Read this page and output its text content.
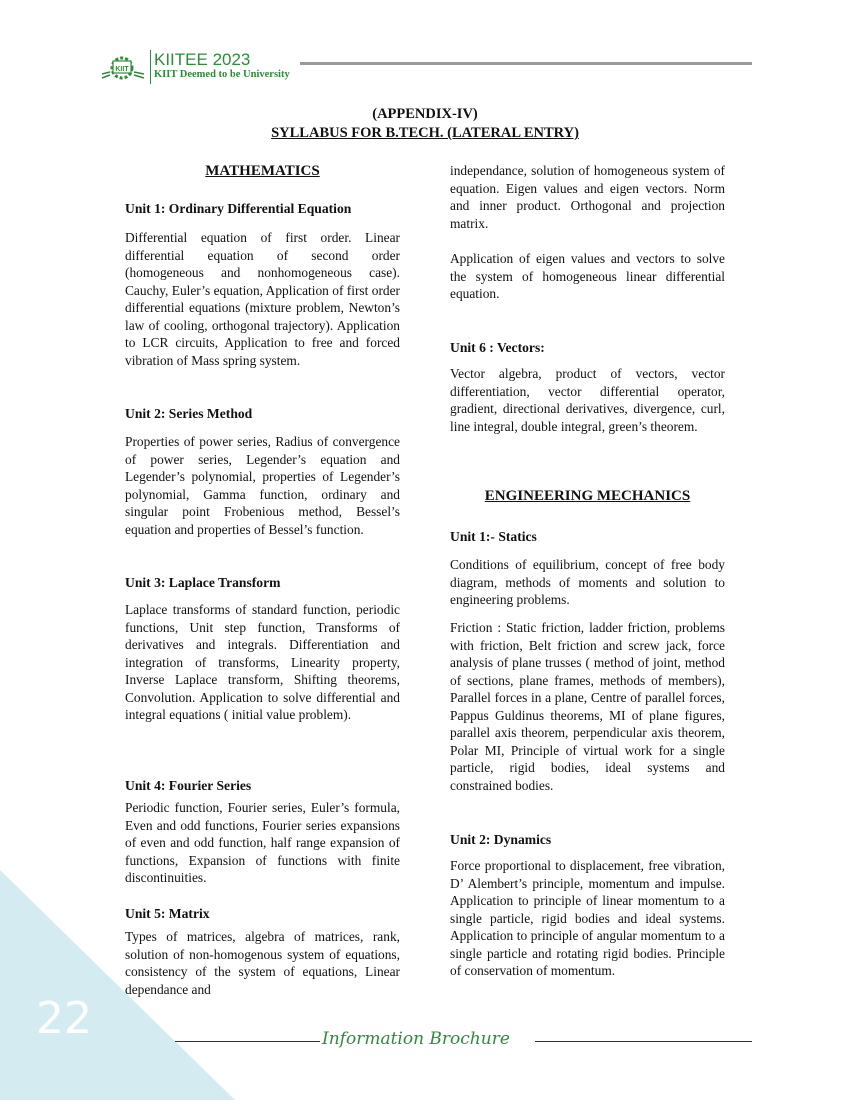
KIIT
KIITEE 2023
KIIT Deemed to be University
(APPENDIX-IV)
SYLLABUS FOR B.TECH. (LATERAL ENTRY)
MATHEMATICS
Unit 1: Ordinary Differential Equation

Differential equation of first order. Linear differential equation of second order (homogeneous and nonhomogeneous case). Cauchy, Euler’s equation, Application of first order differential equations (mixture problem, Newton’s law of cooling, orthogonal trajectory). Application to LCR circuits, Application to free and forced vibration of Mass spring system.

Unit 2: Series Method

Properties of power series, Radius of convergence of power series, Legender’s equation and Legender’s polynomial, properties of Legender’s polynomial, Gamma function, ordinary and singular point Frobenious method, Bessel’s equation and properties of Bessel’s function.

Unit 3: Laplace Transform

Laplace transforms of standard function, periodic functions, Unit step function, Transforms of derivatives and integrals. Differentiation and integration of transforms, Linearity property, Inverse Laplace transform, Shifting theorems, Convolution. Application to solve differential and integral equations ( initial value problem).

Unit 4: Fourier Series

Periodic function, Fourier series, Euler’s formula, Even and odd functions, Fourier series expansions of even and odd function, half range expansion of functions, Expansion of functions with finite discontinuities.

Unit 5: Matrix

Types of matrices, algebra of matrices, rank, solution of non-homogenous system of equations, consistency of the system of equations, Linear dependance and

independance, solution of homogeneous system of equation. Eigen values and eigen vectors. Norm and inner product. Orthogonal and projection matrix.

Application of eigen values and vectors to solve the system of homogeneous linear differential equation.

Unit 6 : Vectors:

Vector algebra, product of vectors, vector differentiation, vector differential operator, gradient, directional derivatives, divergence, curl, line integral, double integral, green’s theorem.

ENGINEERING MECHANICS
Unit 1:- Statics

Conditions of equilibrium, concept of free body diagram, methods of moments and solution to engineering problems.

Friction : Static friction, ladder friction, problems with friction, Belt friction and screw jack, force analysis of plane trusses ( method of joint, method of sections, plane frames, methods of members), Parallel forces in a plane, Centre of parallel forces, Pappus Guldinus theorems, MI of plane figures, parallel axis theorem, perpendicular axis theorem, Polar MI, Principle of virtual work for a single particle, rigid bodies, ideal systems and constrained bodies.

Unit 2: Dynamics

Force proportional to displacement, free vibration, D’ Alembert’s principle, momentum and impulse. Application to principle of linear momentum to a single particle, rigid bodies and ideal systems. Application to principle of angular momentum to a single particle and rotating rigid bodies. Principle of conservation of momentum.

22	Information Brochure
